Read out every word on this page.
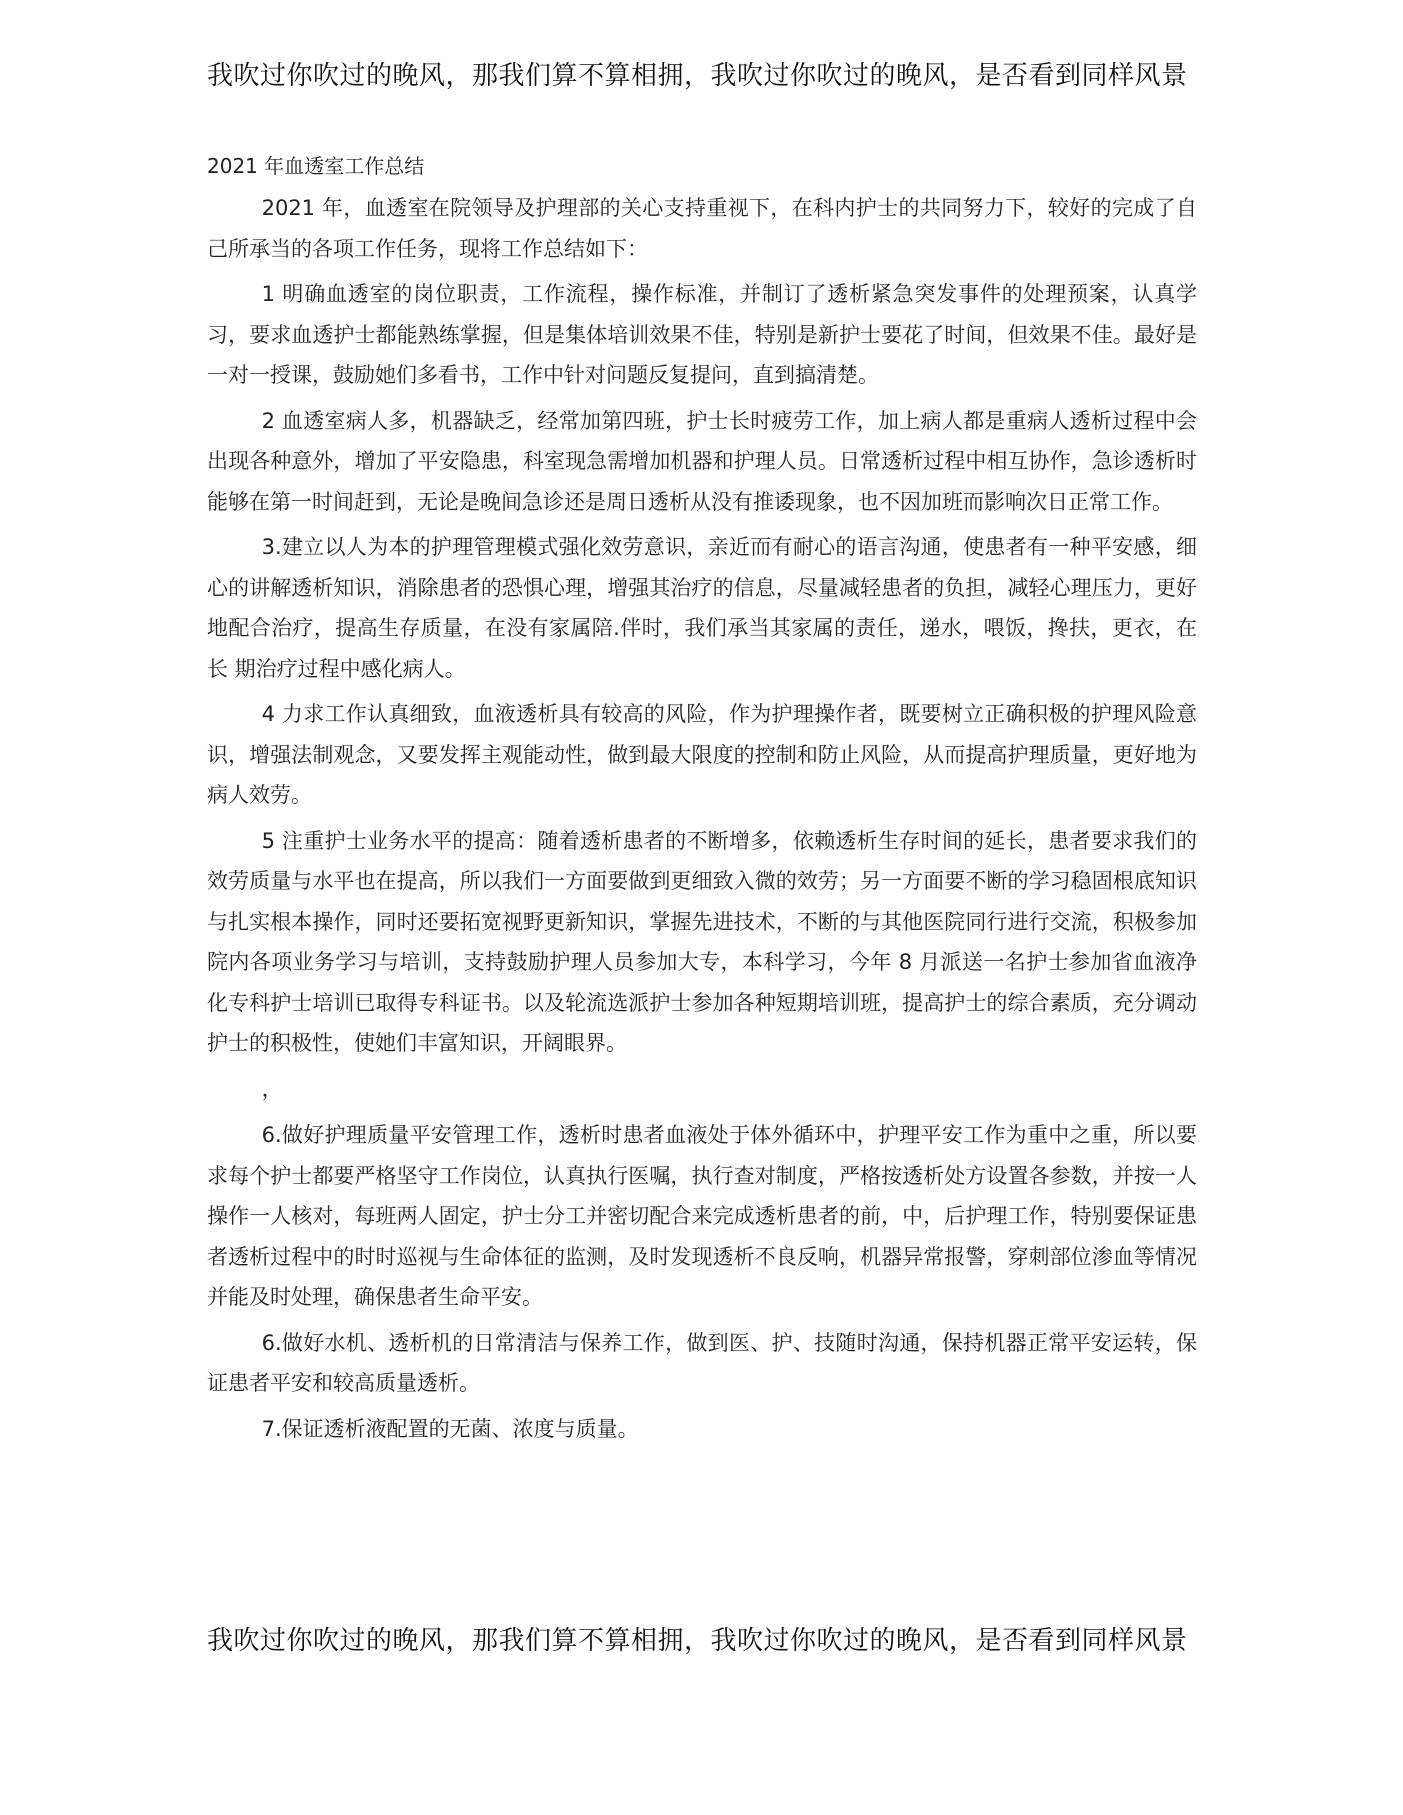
我吹过你吹过的晚风，那我们算不算相拥，我吹过你吹过的晚风，是否看到同样风景
2021 年血透室工作总结

2021 年，血透室在院领导及护理部的关心支持重视下，在科内护士的共同努力下，较好的完成了自己所承当的各项工作任务，现将工作总结如下：

1 明确血透室的岗位职责，工作流程，操作标准，并制订了透析紧急突发事件的处理预案，认真学习，要求血透护士都能熟练掌握，但是集体培训效果不佳，特别是新护士要花了时间，但效果不佳。最好是一对一授课，鼓励她们多看书，工作中针对问题反复提问，直到搞清楚。

2 血透室病人多，机器缺乏，经常加第四班，护士长时疲劳工作，加上病人都是重病人透析过程中会出现各种意外，增加了平安隐患，科室现急需增加机器和护理人员。日常透析过程中相互协作，急诊透析时能够在第一时间赶到，无论是晚间急诊还是周日透析从没有推诿现象，也不因加班而影响次日正常工作。

3.建立以人为本的护理管理模式强化效劳意识，亲近而有耐心的语言沟通，使患者有一种平安感，细心的讲解透析知识，消除患者的恐惧心理，增强其治疗的信息，尽量减轻患者的负担，减轻心理压力，更好地配合治疗，提高生存质量，在没有家属陪.伴时，我们承当其家属的责任，递水，喂饭，搀扶，更衣，在长 期治疗过程中感化病人。

4 力求工作认真细致，血液透析具有较高的风险，作为护理操作者，既要树立正确积极的护理风险意识，增强法制观念，又要发挥主观能动性，做到最大限度的控制和防止风险，从而提高护理质量，更好地为病人效劳。

5 注重护士业务水平的提高：随着透析患者的不断增多，依赖透析生存时间的延长，患者要求我们的效劳质量与水平也在提高，所以我们一方面要做到更细致入微的效劳；另一方面要不断的学习稳固根底知识与扎实根本操作，同时还要拓宽视野更新知识，掌握先进技术，不断的与其他医院同行进行交流，积极参加院内各项业务学习与培训，支持鼓励护理人员参加大专，本科学习，今年 8 月派送一名护士参加省血液净化专科护士培训已取得专科证书。以及轮流选派护士参加各种短期培训班，提高护士的综合素质，充分调动护士的积极性，使她们丰富知识，开阔眼界。

，

6.做好护理质量平安管理工作，透析时患者血液处于体外循环中，护理平安工作为重中之重，所以要求每个护士都要严格坚守工作岗位，认真执行医嘱，执行查对制度，严格按透析处方设置各参数，并按一人操作一人核对，每班两人固定，护士分工并密切配合来完成透析患者的前，中，后护理工作，特别要保证患 者透析过程中的时时巡视与生命体征的监测，及时发现透析不良反响，机器异常报警，穿刺部位渗血等情况并能及时处理，确保患者生命平安。

6.做好水机、透析机的日常清洁与保养工作，做到医、护、技随时沟通，保持机器正常平安运转，保证患者平安和较高质量透析。

7.保证透析液配置的无菌、浓度与质量。

我吹过你吹过的晚风，那我们算不算相拥，我吹过你吹过的晚风，是否看到同样风景
